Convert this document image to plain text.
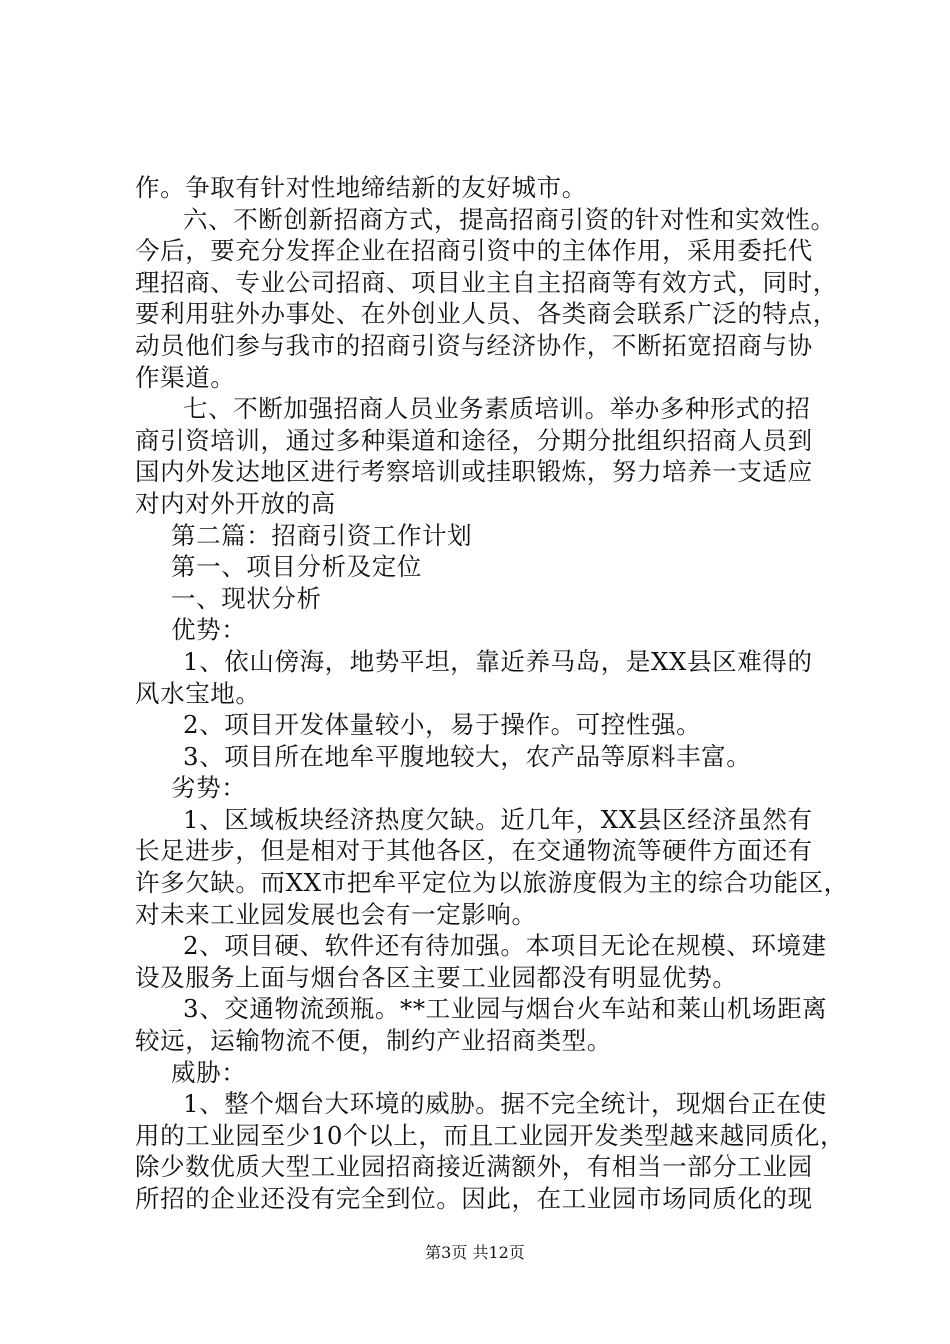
作。争取有针对性地缔结新的友好城市。
六、不断创新招商方式，提高招商引资的针对性和实效性。
今后，要充分发挥企业在招商引资中的主体作用，采用委托代
理招商、专业公司招商、项目业主自主招商等有效方式，同时，
要利用驻外办事处、在外创业人员、各类商会联系广泛的特点，
动员他们参与我市的招商引资与经济协作，不断拓宽招商与协
作渠道。
七、不断加强招商人员业务素质培训。举办多种形式的招
商引资培训，通过多种渠道和途径，分期分批组织招商人员到
国内外发达地区进行考察培训或挂职锻炼，努力培养一支适应
对内对外开放的高
第二篇：招商引资工作计划
第一、项目分析及定位
一、现状分析
优势：
1、依山傍海，地势平坦，靠近养马岛，是XX县区难得的
风水宝地。
2、项目开发体量较小，易于操作。可控性强。
3、项目所在地牟平腹地较大，农产品等原料丰富。
劣势：
1、区域板块经济热度欠缺。近几年，XX县区经济虽然有
长足进步，但是相对于其他各区，在交通物流等硬件方面还有
许多欠缺。而XX市把牟平定位为以旅游度假为主的综合功能区，
对未来工业园发展也会有一定影响。
2、项目硬、软件还有待加强。本项目无论在规模、环境建
设及服务上面与烟台各区主要工业园都没有明显优势。
3、交通物流颈瓶。**工业园与烟台火车站和莱山机场距离
较远，运输物流不便，制约产业招商类型。
威胁：
1、整个烟台大环境的威胁。据不完全统计，现烟台正在使
用的工业园至少10个以上，而且工业园开发类型越来越同质化，
除少数优质大型工业园招商接近满额外，有相当一部分工业园
所招的企业还没有完全到位。因此，在工业园市场同质化的现
第3页 共12页
